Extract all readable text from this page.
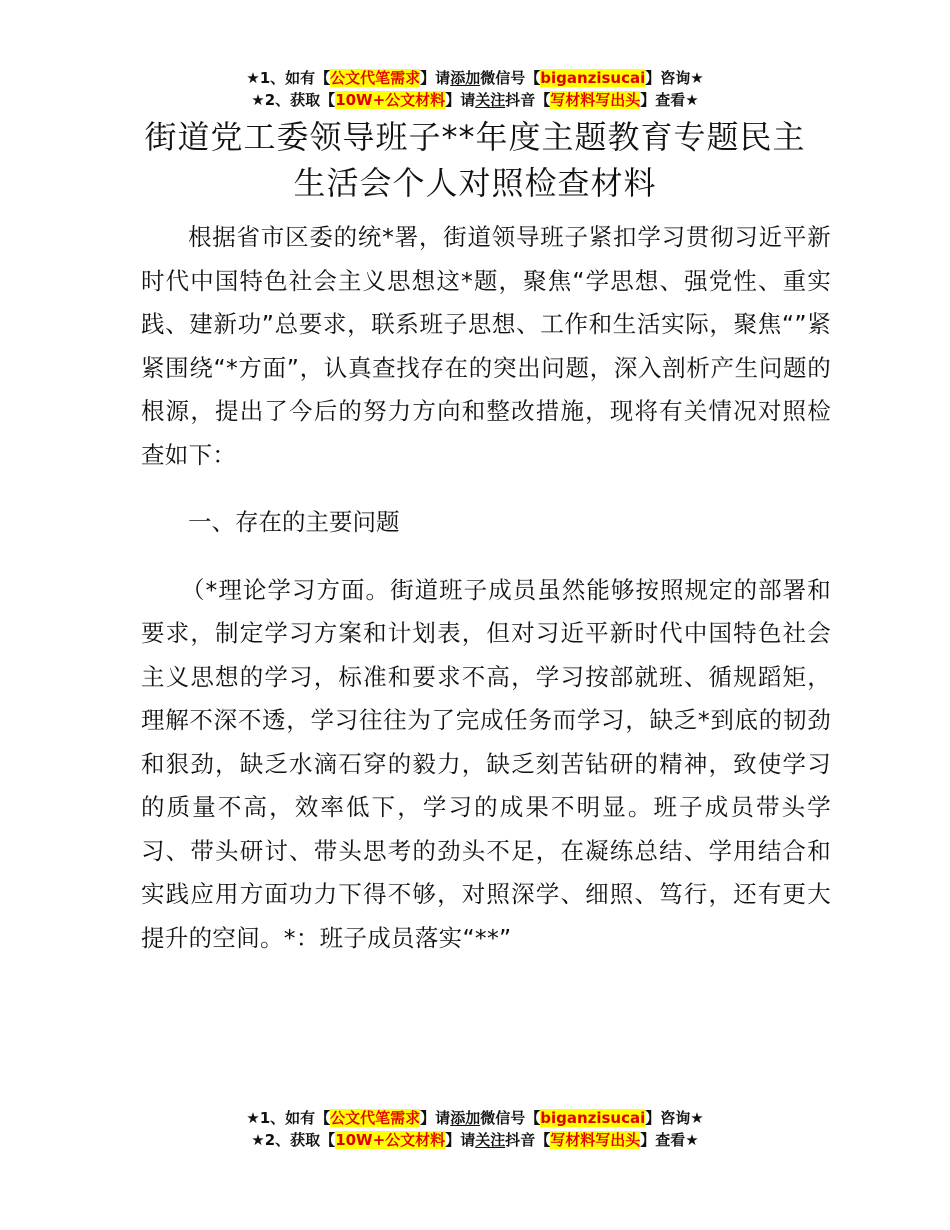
★1、如有【公文代笔需求】请添加微信号【biganzisucai】咨询★
★2、获取【10W+公文材料】请关注抖音【写材料写出头】查看★
街道党工委领导班子**年度主题教育专题民主
生活会个人对照检查材料

根据省市区委的统*署，街道领导班子紧扣学习贯彻习近平新时代中国特色社会主义思想这*题，聚焦“学思想、强党性、重实践、建新功”总要求，联系班子思想、工作和生活实际，聚焦“”紧紧围绕“*方面”，认真查找存在的突出问题，深入剖析产生问题的根源，提出了今后的努力方向和整改措施，现将有关情况对照检查如下：

一、存在的主要问题

（*理论学习方面。街道班子成员虽然能够按照规定的部署和要求，制定学习方案和计划表，但对习近平新时代中国特色社会主义思想的学习，标准和要求不高，学习按部就班、循规蹈矩，理解不深不透，学习往往为了完成任务而学习，缺乏*到底的韧劲和狠劲，缺乏水滴石穿的毅力，缺乏刻苦钻研的精神，致使学习的质量不高，效率低下，学习的成果不明显。班子成员带头学习、带头研讨、带头思考的劲头不足，在凝练总结、学用结合和实践应用方面功力下得不够，对照深学、细照、笃行，还有更大提升的空间。*：班子成员落实“**”

★1、如有【公文代笔需求】请添加微信号【biganzisucai】咨询★
★2、获取【10W+公文材料】请关注抖音【写材料写出头】查看★
